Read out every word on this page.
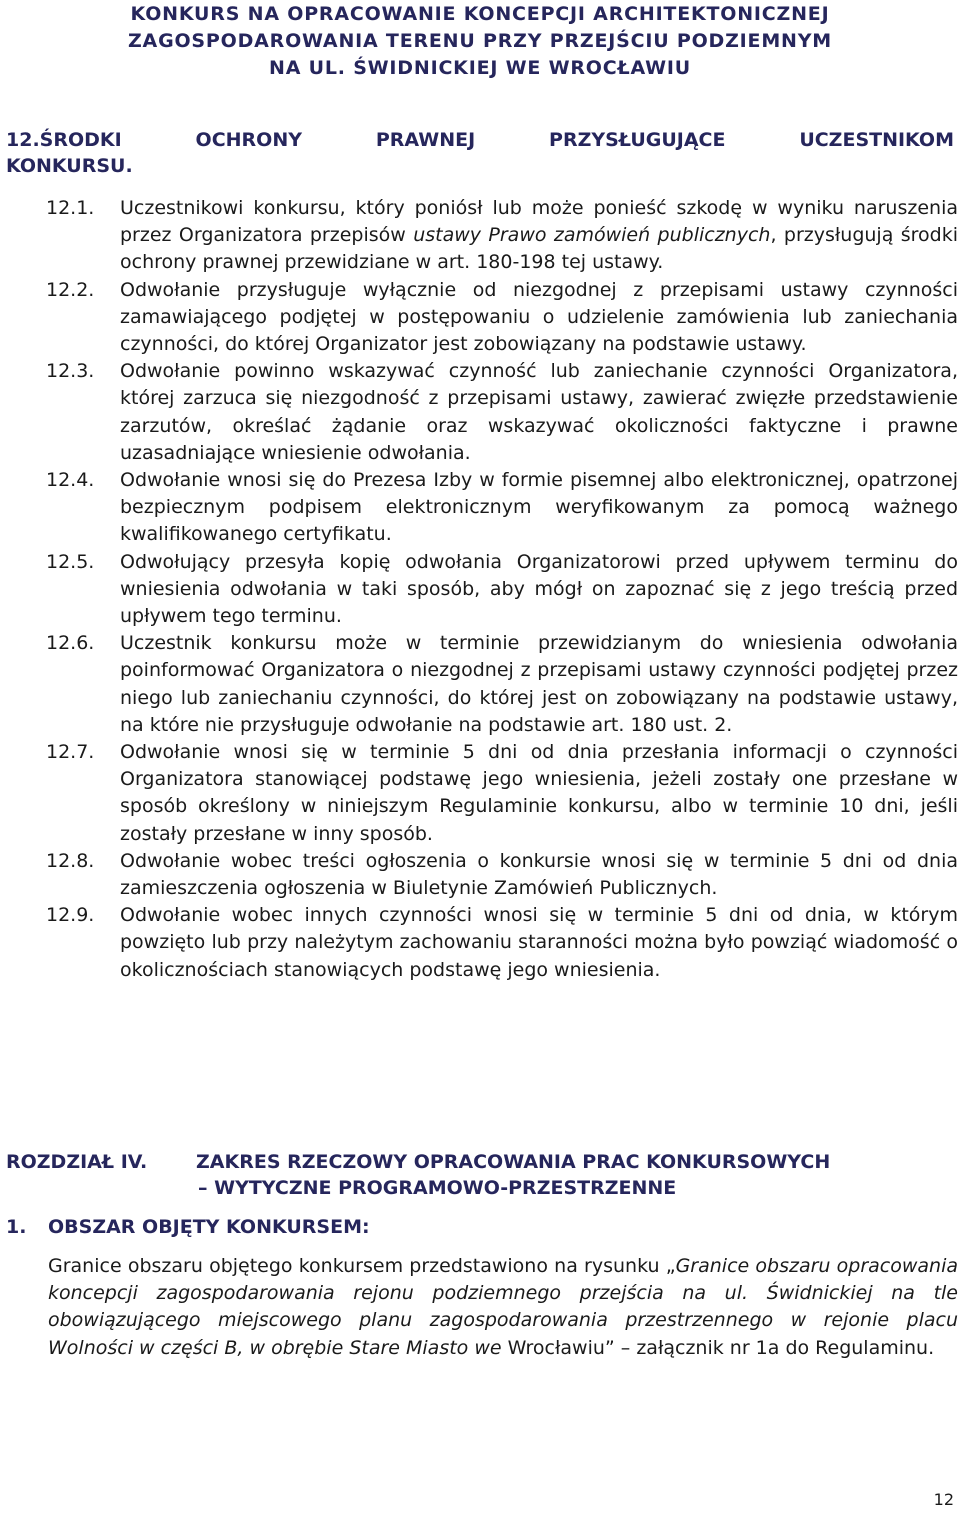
KONKURS NA OPRACOWANIE KONCEPCJI ARCHITEKTONICZNEJ
ZAGOSPODAROWANIA TERENU PRZY PRZEJŚCIU PODZIEMNYM
NA UL. ŚWIDNICKIEJ WE WROCŁAWIU
12.ŚRODKI	OCHRONY	PRAWNEJ	PRZYSŁUGUJĄCE	UCZESTNIKOM
KONKURSU.
12.1.	Uczestnikowi konkursu, który poniósł lub może ponieść szkodę w wyniku naruszenia przez Organizatora przepisów ustawy Prawo zamówień publicznych, przysługują środki ochrony prawnej przewidziane w art. 180-198 tej ustawy.
12.2.	Odwołanie przysługuje wyłącznie od niezgodnej z przepisami ustawy czynności zamawiającego podjętej w postępowaniu o udzielenie zamówienia lub zaniechania czynności, do której Organizator jest zobowiązany na podstawie ustawy.
12.3.	Odwołanie powinno wskazywać czynność lub zaniechanie czynności Organizatora, której zarzuca się niezgodność z przepisami ustawy, zawierać zwięzłe przedstawienie zarzutów, określać żądanie oraz wskazywać okoliczności faktyczne i prawne uzasadniające wniesienie odwołania.
12.4.	Odwołanie wnosi się do Prezesa Izby w formie pisemnej albo elektronicznej, opatrzonej bezpiecznym podpisem elektronicznym weryfikowanym za pomocą ważnego kwalifikowanego certyfikatu.
12.5.	Odwołujący przesyła kopię odwołania Organizatorowi przed upływem terminu do wniesienia odwołania w taki sposób, aby mógł on zapoznać się z jego treścią przed upływem tego terminu.
12.6.	Uczestnik konkursu może w terminie przewidzianym do wniesienia odwołania poinformować Organizatora o niezgodnej z przepisami ustawy czynności podjętej przez niego lub zaniechaniu czynności, do której jest on zobowiązany na podstawie ustawy, na które nie przysługuje odwołanie na podstawie art. 180 ust. 2.
12.7.	Odwołanie wnosi się w terminie 5 dni od dnia przesłania informacji o czynności Organizatora stanowiącej podstawę jego wniesienia, jeżeli zostały one przesłane w sposób określony w niniejszym Regulaminie konkursu, albo w terminie 10 dni, jeśli zostały przesłane w inny sposób.
12.8.	Odwołanie wobec treści ogłoszenia o konkursie wnosi się w terminie 5 dni od dnia zamieszczenia ogłoszenia w Biuletynie Zamówień Publicznych.
12.9.	Odwołanie wobec innych czynności wnosi się w terminie 5 dni od dnia, w którym powzięto lub przy należytym zachowaniu staranności można było powziąć wiadomość o okolicznościach stanowiących podstawę jego wniesienia.
ROZDZIAŁ IV.	ZAKRES RZECZOWY OPRACOWANIA PRAC KONKURSOWYCH
– WYTYCZNE PROGRAMOWO-PRZESTRZENNE
1. OBSZAR OBJĘTY KONKURSEM:
Granice obszaru objętego konkursem przedstawiono na rysunku „Granice obszaru opracowania koncepcji zagospodarowania rejonu podziemnego przejścia na ul. Świdnickiej na tle obowiązującego miejscowego planu zagospodarowania przestrzennego w rejonie placu Wolności w części B, w obrębie Stare Miasto we Wrocławiu” – załącznik nr 1a do Regulaminu.
12
